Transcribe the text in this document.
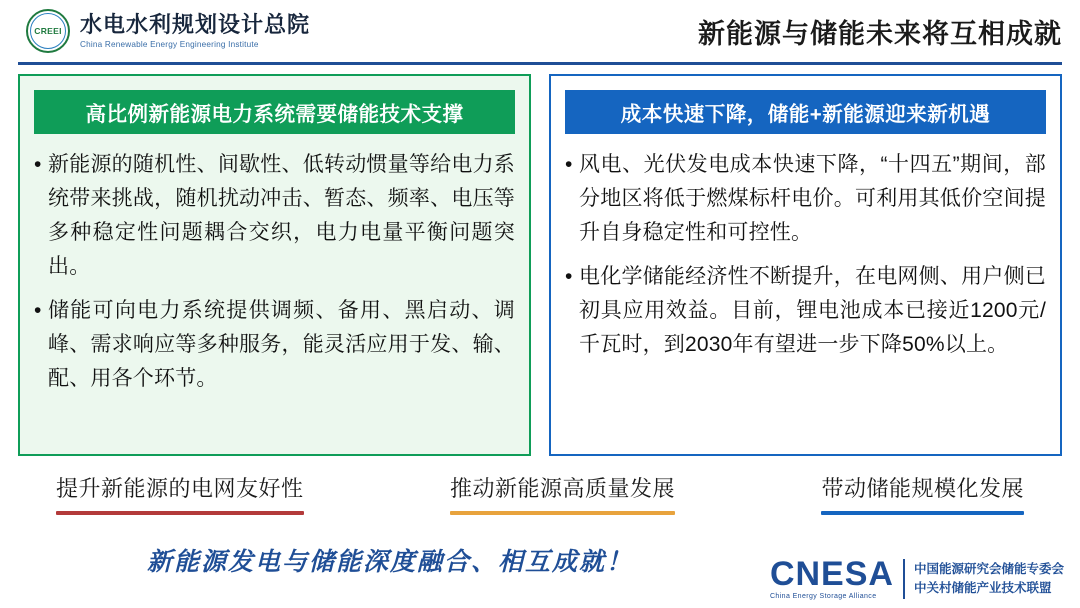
CREEI 水电水利规划设计总院
China Renewable Energy Engineering Institute	新能源与储能未来将互相成就
高比例新能源电力系统需要储能技术支撑
• 新能源的随机性、间歇性、低转动惯量等给电力系统带来挑战，随机扰动冲击、暂态、频率、电压等多种稳定性问题耦合交织，电力电量平衡问题突出。
• 储能可向电力系统提供调频、备用、黑启动、调峰、需求响应等多种服务，能灵活应用于发、输、配、用各个环节。
成本快速下降，储能+新能源迎来新机遇
• 风电、光伏发电成本快速下降，“十四五”期间，部分地区将低于燃煤标杆电价。可利用其低价空间提升自身稳定性和可控性。
• 电化学储能经济性不断提升，在电网侧、用户侧已初具应用效益。目前，锂电池成本已接近1200元/千瓦时，到2030年有望进一步下降50%以上。
提升新能源的电网友好性	推动新能源高质量发展	带动储能规模化发展
新能源发电与储能深度融合、相互成就！	CNESA
China Energy Storage Alliance
中国能源研究会储能专委会
中关村储能产业技术联盟
